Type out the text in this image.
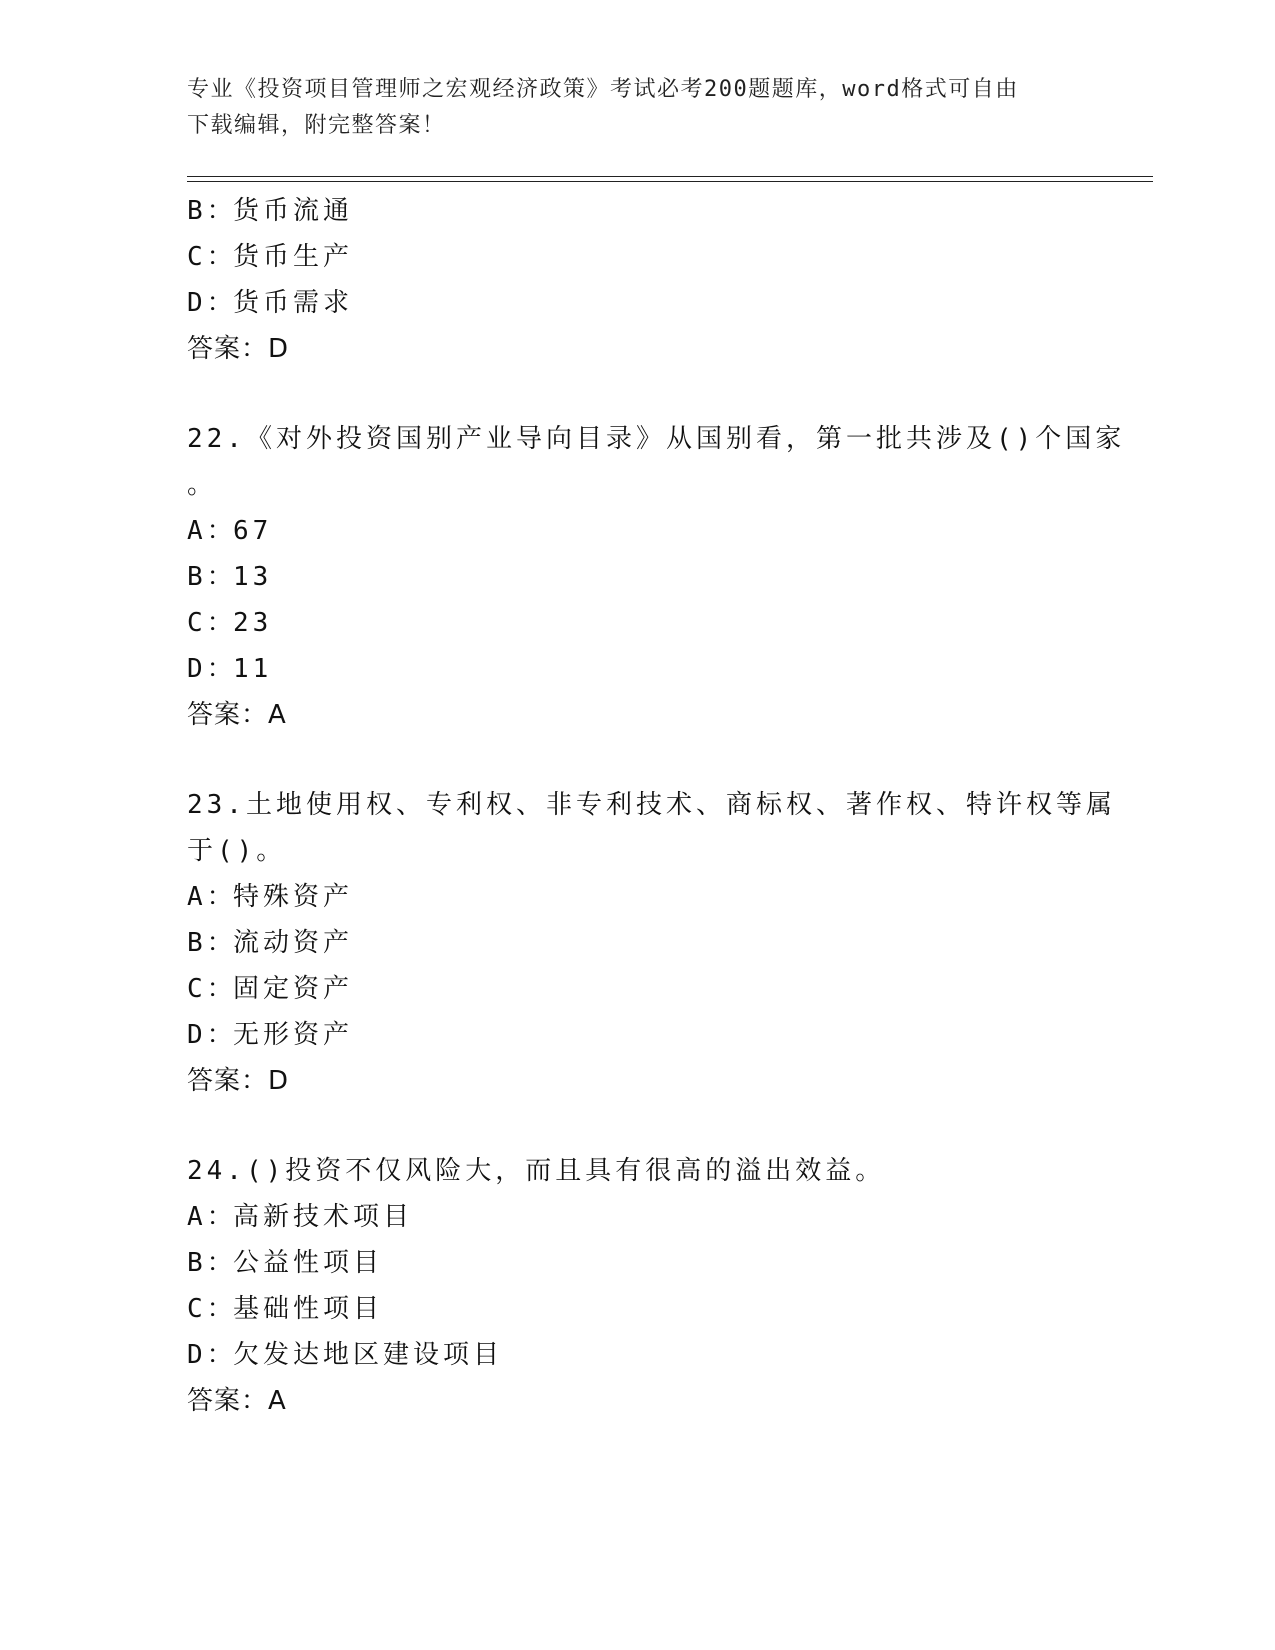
专业《投资项目管理师之宏观经济政策》考试必考200题题库，word格式可自由
下载编辑，附完整答案！
B：货币流通
C：货币生产
D：货币需求
答案：D
22.《对外投资国别产业导向目录》从国别看，第一批共涉及()个国家
。
A：67
B：13
C：23
D：11
答案：A
23.土地使用权、专利权、非专利技术、商标权、著作权、特许权等属
于()。
A：特殊资产
B：流动资产
C：固定资产
D：无形资产
答案：D
24.()投资不仅风险大，而且具有很高的溢出效益。
A：高新技术项目
B：公益性项目
C：基础性项目
D：欠发达地区建设项目
答案：A
